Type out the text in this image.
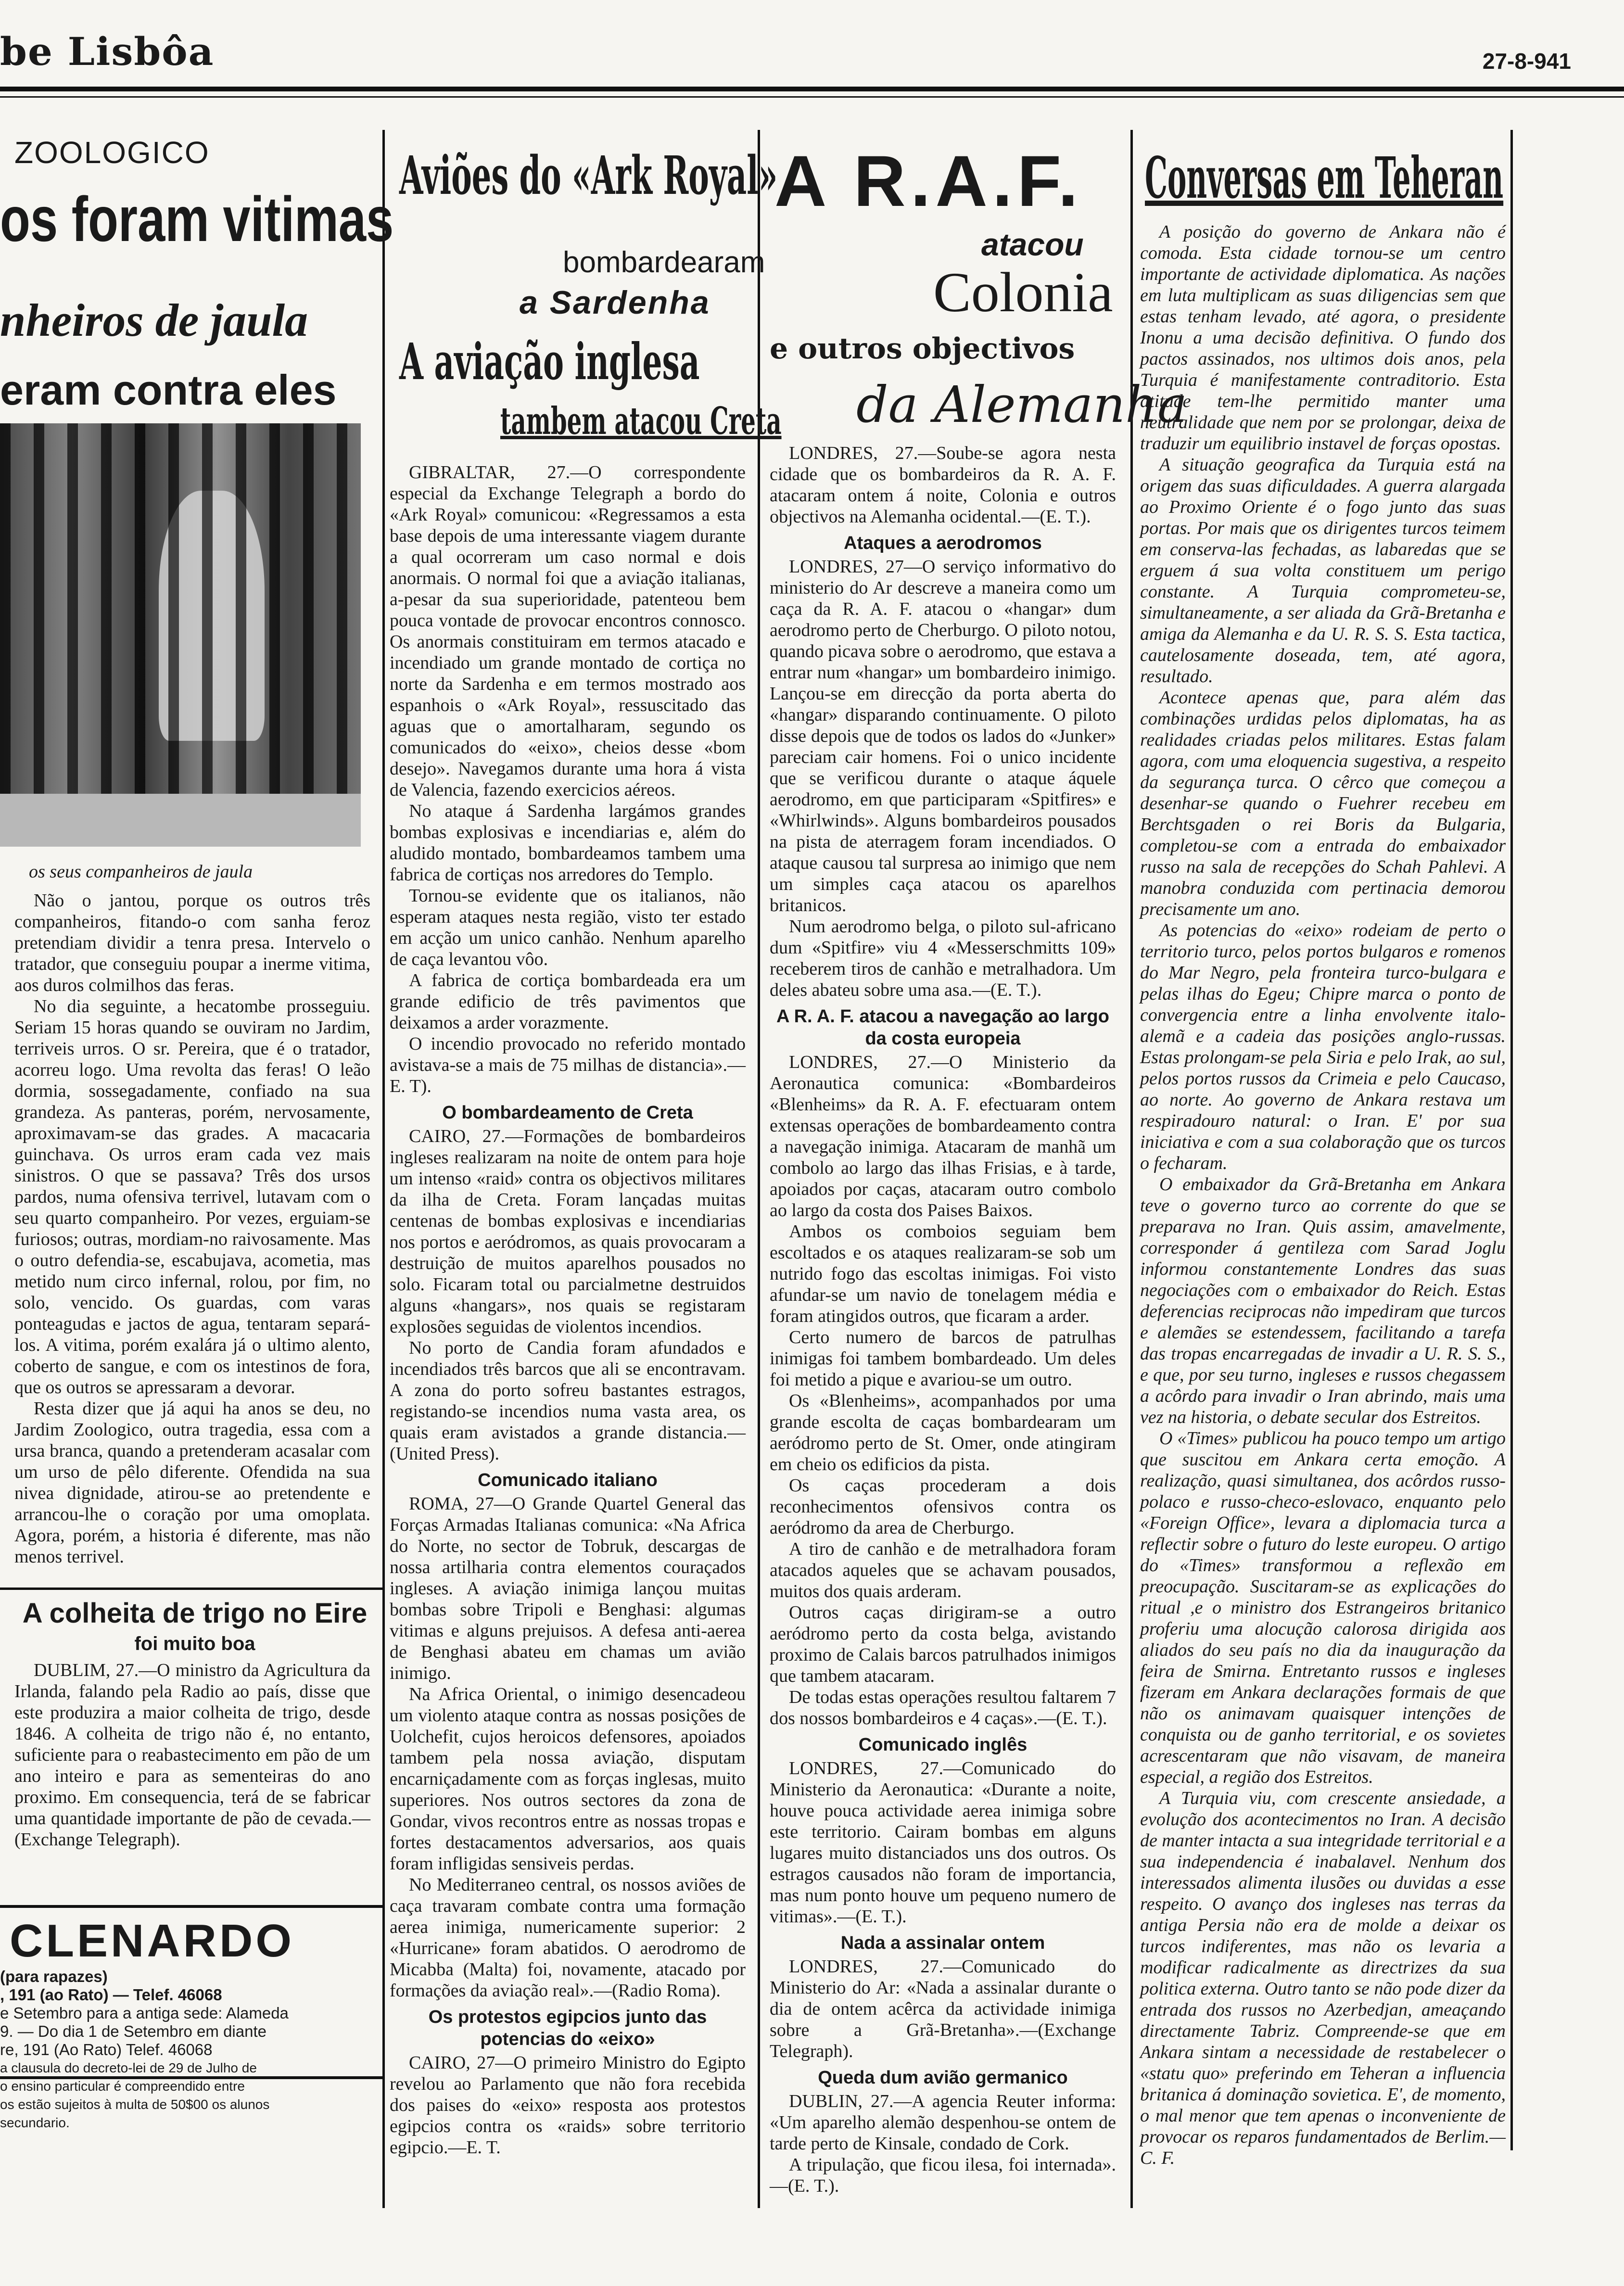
be Lisbôa	27-8-941
ZOOLOGICO
os foram vitimas
nheiros de jaula
eram contra eles
os seus companheiros de jaula

Não o jantou, porque os outros três companheiros, fitando-o com sanha feroz pretendiam dividir a tenra presa. Intervelo o tratador, que conseguiu poupar a inerme vitima, aos duros colmilhos das feras.

No dia seguinte, a hecatombe prosseguiu. Seriam 15 horas quando se ouviram no Jardim, terriveis urros. O sr. Pereira, que é o tratador, acorreu logo. Uma revolta das feras! O leão dormia, sossegadamente, confiado na sua grandeza. As panteras, porém, nervosamente, aproximavam-se das grades. A macacaria guinchava. Os urros eram cada vez mais sinistros. O que se passava? Três dos ursos pardos, numa ofensiva terrivel, lutavam com o seu quarto companheiro. Por vezes, erguiam-se furiosos; outras, mordiam-no raivosamente. Mas o outro defendia-se, escabujava, acometia, mas metido num circo infernal, rolou, por fim, no solo, vencido. Os guardas, com varas ponteagudas e jactos de agua, tentaram separá-los. A vitima, porém exalára já o ultimo alento, coberto de sangue, e com os intestinos de fora, que os outros se apressaram a devorar.

Resta dizer que já aqui ha anos se deu, no Jardim Zoologico, outra tragedia, essa com a ursa branca, quando a pretenderam acasalar com um urso de pêlo diferente. Ofendida na sua nivea dignidade, atirou-se ao pretendente e arrancou-lhe o coração por uma omoplata. Agora, porém, a historia é diferente, mas não menos terrivel.

A colheita de trigo no Eire
foi muito boa

DUBLIM, 27.—O ministro da Agricultura da Irlanda, falando pela Radio ao país, disse que este produzira a maior colheita de trigo, desde 1846. A colheita de trigo não é, no entanto, suficiente para o reabastecimento em pão de um ano inteiro e para as sementeiras do ano proximo. Em consequencia, terá de se fabricar uma quantidade importante de pão de cevada.—(Exchange Telegraph).

CLENARDO
(para rapazes)
, 191 (ao Rato) — Telef. 46068
e Setembro para a antiga sede: Alameda
9. — Do dia 1 de Setembro em diante
re, 191 (Ao Rato) Telef. 46068
a clausula do decreto-lei de 29 de Julho de
o ensino particular é compreendido entre
os estão sujeitos à multa de 50$00 os alunos
secundario.
Aviões do «Ark Royal»
bombardearam
a Sardenha
A aviação inglesa
tambem atacou Creta

GIBRALTAR, 27.—O correspondente especial da Exchange Telegraph a bordo do «Ark Royal» comunicou: «Regressamos a esta base depois de uma interessante viagem durante a qual ocorreram um caso normal e dois anormais. O normal foi que a aviação italianas, a-pesar da sua superioridade, patenteou bem pouca vontade de provocar encontros connosco. Os anormais constituiram em termos atacado e incendiado um grande montado de cortiça no norte da Sardenha e em termos mostrado aos espanhois o «Ark Royal», ressuscitado das aguas que o amortalharam, segundo os comunicados do «eixo», cheios desse «bom desejo». Navegamos durante uma hora á vista de Valencia, fazendo exercicios aéreos.

No ataque á Sardenha largámos grandes bombas explosivas e incendiarias e, além do aludido montado, bombardeamos tambem uma fabrica de cortiças nos arredores do Templo.

Tornou-se evidente que os italianos, não esperam ataques nesta região, visto ter estado em acção um unico canhão. Nenhum aparelho de caça levantou vôo.

A fabrica de cortiça bombardeada era um grande edificio de três pavimentos que deixamos a arder vorazmente.

O incendio provocado no referido montado avistava-se a mais de 75 milhas de distancia».—E. T).

O bombardeamento de Creta

CAIRO, 27.—Formações de bombardeiros ingleses realizaram na noite de ontem para hoje um intenso «raid» contra os objectivos militares da ilha de Creta. Foram lançadas muitas centenas de bombas explosivas e incendiarias nos portos e aeródromos, as quais provocaram a destruição de muitos aparelhos pousados no solo. Ficaram total ou parcialmetne destruidos alguns «hangars», nos quais se registaram explosões seguidas de violentos incendios.

No porto de Candia foram afundados e incendiados três barcos que ali se encontravam. A zona do porto sofreu bastantes estragos, registando-se incendios numa vasta area, os quais eram avistados a grande distancia.—(United Press).

Comunicado italiano

ROMA, 27—O Grande Quartel General das Forças Armadas Italianas comunica: «Na Africa do Norte, no sector de Tobruk, descargas de nossa artilharia contra elementos couraçados ingleses. A aviação inimiga lançou muitas bombas sobre Tripoli e Benghasi: algumas vitimas e alguns prejuisos. A defesa anti-aerea de Benghasi abateu em chamas um avião inimigo.

Na Africa Oriental, o inimigo desencadeou um violento ataque contra as nossas posições de Uolchefit, cujos heroicos defensores, apoiados tambem pela nossa aviação, disputam encarniçadamente com as forças inglesas, muito superiores. Nos outros sectores da zona de Gondar, vivos recontros entre as nossas tropas e fortes destacamentos adversarios, aos quais foram infligidas sensiveis perdas.

No Mediterraneo central, os nossos aviões de caça travaram combate contra uma formação aerea inimiga, numericamente superior: 2 «Hurricane» foram abatidos. O aerodromo de Micabba (Malta) foi, novamente, atacado por formações da aviação real».—(Radio Roma).

Os protestos egipcios junto das potencias do «eixo»

CAIRO, 27—O primeiro Ministro do Egipto revelou ao Parlamento que não fora recebida dos paises do «eixo» resposta aos protestos egipcios contra os «raids» sobre territorio egipcio.—E. T.

A R.A.F.
atacou
Colonia
e outros objectivos
da Alemanha

LONDRES, 27.—Soube-se agora nesta cidade que os bombardeiros da R. A. F. atacaram ontem á noite, Colonia e outros objectivos na Alemanha ocidental.—(E. T.).

Ataques a aerodromos

LONDRES, 27—O serviço informativo do ministerio do Ar descreve a maneira como um caça da R. A. F. atacou o «hangar» dum aerodromo perto de Cherburgo. O piloto notou, quando picava sobre o aerodromo, que estava a entrar num «hangar» um bombardeiro inimigo. Lançou-se em direcção da porta aberta do «hangar» disparando continuamente. O piloto disse depois que de todos os lados do «Junker» pareciam cair homens. Foi o unico incidente que se verificou durante o ataque áquele aerodromo, em que participaram «Spitfires» e «Whirlwinds». Alguns bombardeiros pousados na pista de aterragem foram incendiados. O ataque causou tal surpresa ao inimigo que nem um simples caça atacou os aparelhos britanicos.

Num aerodromo belga, o piloto sul-africano dum «Spitfire» viu 4 «Messerschmitts 109» receberem tiros de canhão e metralhadora. Um deles abateu sobre uma asa.—(E. T.).

A R. A. F. atacou a navegação ao largo da costa europeia

LONDRES, 27.—O Ministerio da Aeronautica comunica: «Bombardeiros «Blenheims» da R. A. F. efectuaram ontem extensas operações de bombardeamento contra a navegação inimiga. Atacaram de manhã um combolo ao largo das ilhas Frisias, e à tarde, apoiados por caças, atacaram outro combolo ao largo da costa dos Paises Baixos.

Ambos os comboios seguiam bem escoltados e os ataques realizaram-se sob um nutrido fogo das escoltas inimigas. Foi visto afundar-se um navio de tonelagem média e foram atingidos outros, que ficaram a arder.

Certo numero de barcos de patrulhas inimigas foi tambem bombardeado. Um deles foi metido a pique e avariou-se um outro.

Os «Blenheims», acompanhados por uma grande escolta de caças bombardearam um aeródromo perto de St. Omer, onde atingiram em cheio os edificios da pista.

Os caças procederam a dois reconhecimentos ofensivos contra os aeródromo da area de Cherburgo.

A tiro de canhão e de metralhadora foram atacados aqueles que se achavam pousados, muitos dos quais arderam.

Outros caças dirigiram-se a outro aeródromo perto da costa belga, avistando proximo de Calais barcos patrulhados inimigos que tambem atacaram.

De todas estas operações resultou faltarem 7 dos nossos bombardeiros e 4 caças».—(E. T.).

Comunicado inglês

LONDRES, 27.—Comunicado do Ministerio da Aeronautica: «Durante a noite, houve pouca actividade aerea inimiga sobre este territorio. Cairam bombas em alguns lugares muito distanciados uns dos outros. Os estragos causados não foram de importancia, mas num ponto houve um pequeno numero de vitimas».—(E. T.).

Nada a assinalar ontem

LONDRES, 27.—Comunicado do Ministerio do Ar: «Nada a assinalar durante o dia de ontem acêrca da actividade inimiga sobre a Grã-Bretanha».—(Exchange Telegraph).

Queda dum avião germanico

DUBLIN, 27.—A agencia Reuter informa: «Um aparelho alemão despenhou-se ontem de tarde perto de Kinsale, condado de Cork.

A tripulação, que ficou ilesa, foi internada».—(E. T.).

Conversas em Teheran

A posição do governo de Ankara não é comoda. Esta cidade tornou-se um centro importante de actividade diplomatica. As nações em luta multiplicam as suas diligencias sem que estas tenham levado, até agora, o presidente Inonu a uma decisão definitiva. O fundo dos pactos assinados, nos ultimos dois anos, pela Turquia é manifestamente contraditorio. Esta atitude tem-lhe permitido manter uma neutralidade que nem por se prolongar, deixa de traduzir um equilibrio instavel de forças opostas.

A situação geografica da Turquia está na origem das suas dificuldades. A guerra alargada ao Proximo Oriente é o fogo junto das suas portas. Por mais que os dirigentes turcos teimem em conserva-las fechadas, as labaredas que se erguem á sua volta constituem um perigo constante. A Turquia comprometeu-se, simultaneamente, a ser aliada da Grã-Bretanha e amiga da Alemanha e da U. R. S. S. Esta tactica, cautelosamente doseada, tem, até agora, resultado.

Acontece apenas que, para além das combinações urdidas pelos diplomatas, ha as realidades criadas pelos militares. Estas falam agora, com uma eloquencia sugestiva, a respeito da segurança turca. O cêrco que começou a desenhar-se quando o Fuehrer recebeu em Berchtsgaden o rei Boris da Bulgaria, completou-se com a entrada do embaixador russo na sala de recepções do Schah Pahlevi. A manobra conduzida com pertinacia demorou precisamente um ano.

As potencias do «eixo» rodeiam de perto o territorio turco, pelos portos bulgaros e romenos do Mar Negro, pela fronteira turco-bulgara e pelas ilhas do Egeu; Chipre marca o ponto de convergencia entre a linha envolvente italo-alemã e a cadeia das posições anglo-russas. Estas prolongam-se pela Siria e pelo Irak, ao sul, pelos portos russos da Crimeia e pelo Caucaso, ao norte. Ao governo de Ankara restava um respiradouro natural: o Iran. E' por sua iniciativa e com a sua colaboração que os turcos o fecharam.

O embaixador da Grã-Bretanha em Ankara teve o governo turco ao corrente do que se preparava no Iran. Quis assim, amavelmente, corresponder á gentileza com Sarad Joglu informou constantemente Londres das suas negociações com o embaixador do Reich. Estas deferencias reciprocas não impediram que turcos e alemães se estendessem, facilitando a tarefa das tropas encarregadas de invadir a U. R. S. S., e que, por seu turno, ingleses e russos chegassem a acôrdo para invadir o Iran abrindo, mais uma vez na historia, o debate secular dos Estreitos.

O «Times» publicou ha pouco tempo um artigo que suscitou em Ankara certa emoção. A realização, quasi simultanea, dos acôrdos russo-polaco e russo-checo-eslovaco, enquanto pelo «Foreign Office», levara a diplomacia turca a reflectir sobre o futuro do leste europeu. O artigo do «Times» transformou a reflexão em preocupação. Suscitaram-se as explicações do ritual ,e o ministro dos Estrangeiros britanico proferiu uma alocução calorosa dirigida aos aliados do seu país no dia da inauguração da feira de Smirna. Entretanto russos e ingleses fizeram em Ankara declarações formais de que não os animavam quaisquer intenções de conquista ou de ganho territorial, e os sovietes acrescentaram que não visavam, de maneira especial, a região dos Estreitos.

A Turquia viu, com crescente ansiedade, a evolução dos acontecimentos no Iran. A decisão de manter intacta a sua integridade territorial e a sua independencia é inabalavel. Nenhum dos interessados alimenta ilusões ou duvidas a esse respeito. O avanço dos ingleses nas terras da antiga Persia não era de molde a deixar os turcos indiferentes, mas não os levaria a modificar radicalmente as directrizes da sua politica externa. Outro tanto se não pode dizer da entrada dos russos no Azerbedjan, ameaçando directamente Tabriz. Compreende-se que em Ankara sintam a necessidade de restabelecer o «statu quo» preferindo em Teheran a influencia britanica á dominação sovietica. E', de momento, o mal menor que tem apenas o inconveniente de provocar os reparos fundamentados de Berlim.—C. F.
